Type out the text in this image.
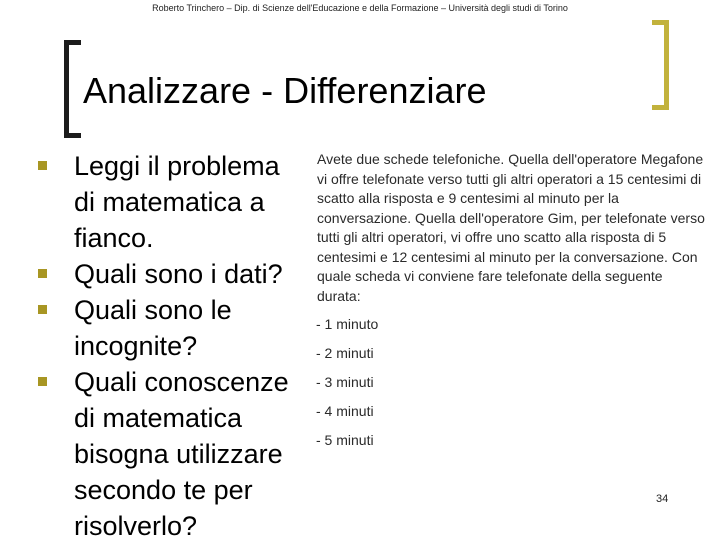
Roberto Trinchero – Dip. di Scienze dell'Educazione e della Formazione – Università degli studi di Torino
Analizzare - Differenziare
Leggi il problema di matematica a fianco.
Quali sono i dati?
Quali sono le incognite?
Quali conoscenze di matematica bisogna utilizzare secondo te per risolverlo?
Avete due schede telefoniche. Quella dell'operatore Megafone vi offre telefonate verso tutti gli altri operatori a 15 centesimi di scatto alla risposta e 9 centesimi al minuto per la conversazione. Quella dell'operatore Gim, per telefonate verso tutti gli altri operatori, vi offre uno scatto alla risposta di 5 centesimi e 12 centesimi al minuto per la conversazione. Con quale scheda vi conviene fare telefonate della seguente durata:
- 1 minuto
- 2 minuti
- 3 minuti
- 4 minuti
- 5 minuti
34
